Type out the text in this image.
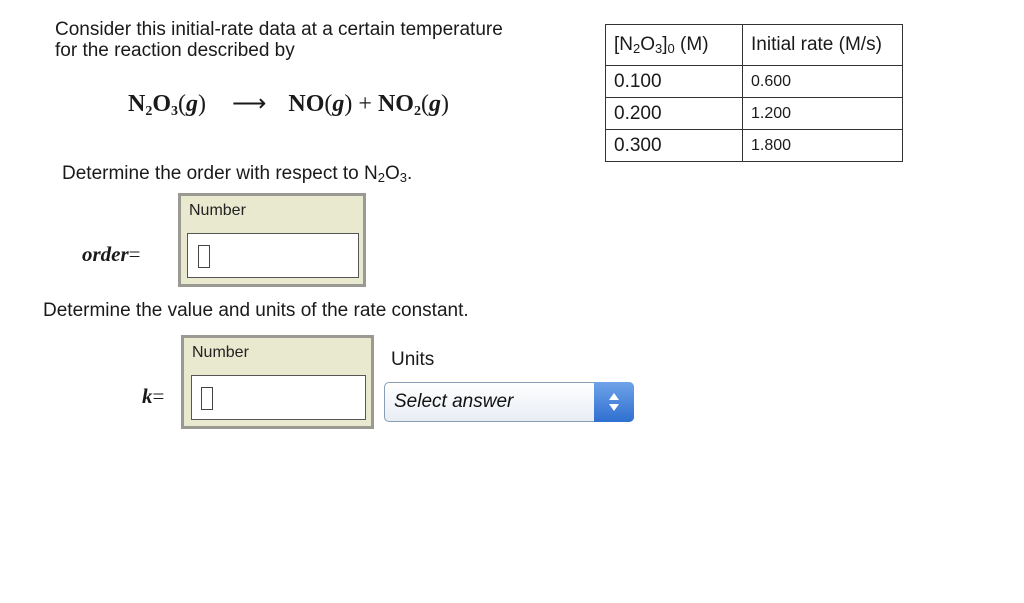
Consider this initial-rate data at a certain temperature
for the reaction described by
$N_2O_3(g)$ ⟶ $NO(g) + NO_2(g)$
$[N_2O_3]_0$ (M)	Initial rate (M/s)
0.100	0.600
0.200	1.200
0.300	1.800
Determine the order with respect to $N_2O_3$.
order=
Number
Determine the value and units of the rate constant.
k=
Number	Units
Select answer
